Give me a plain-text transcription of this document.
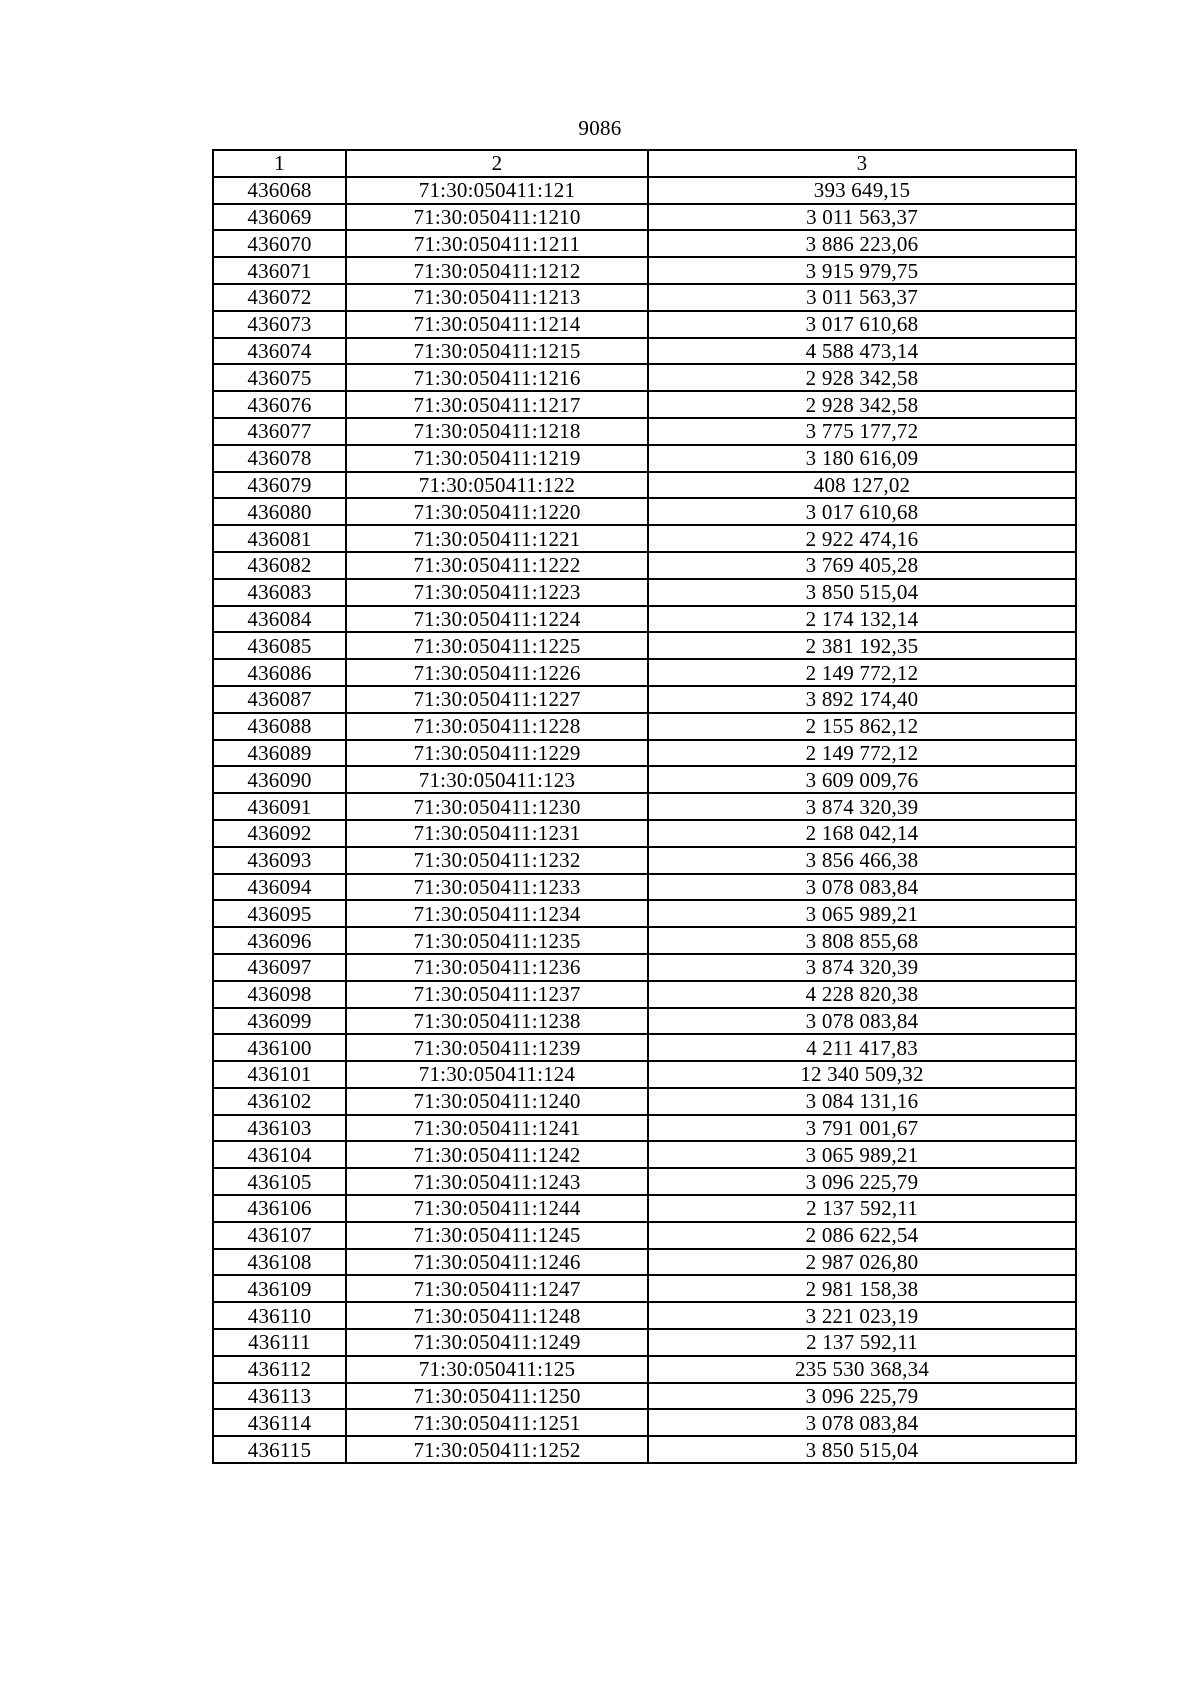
9086
1	2	3
436068	71:30:050411:121	393 649,15
436069	71:30:050411:1210	3 011 563,37
436070	71:30:050411:1211	3 886 223,06
436071	71:30:050411:1212	3 915 979,75
436072	71:30:050411:1213	3 011 563,37
436073	71:30:050411:1214	3 017 610,68
436074	71:30:050411:1215	4 588 473,14
436075	71:30:050411:1216	2 928 342,58
436076	71:30:050411:1217	2 928 342,58
436077	71:30:050411:1218	3 775 177,72
436078	71:30:050411:1219	3 180 616,09
436079	71:30:050411:122	408 127,02
436080	71:30:050411:1220	3 017 610,68
436081	71:30:050411:1221	2 922 474,16
436082	71:30:050411:1222	3 769 405,28
436083	71:30:050411:1223	3 850 515,04
436084	71:30:050411:1224	2 174 132,14
436085	71:30:050411:1225	2 381 192,35
436086	71:30:050411:1226	2 149 772,12
436087	71:30:050411:1227	3 892 174,40
436088	71:30:050411:1228	2 155 862,12
436089	71:30:050411:1229	2 149 772,12
436090	71:30:050411:123	3 609 009,76
436091	71:30:050411:1230	3 874 320,39
436092	71:30:050411:1231	2 168 042,14
436093	71:30:050411:1232	3 856 466,38
436094	71:30:050411:1233	3 078 083,84
436095	71:30:050411:1234	3 065 989,21
436096	71:30:050411:1235	3 808 855,68
436097	71:30:050411:1236	3 874 320,39
436098	71:30:050411:1237	4 228 820,38
436099	71:30:050411:1238	3 078 083,84
436100	71:30:050411:1239	4 211 417,83
436101	71:30:050411:124	12 340 509,32
436102	71:30:050411:1240	3 084 131,16
436103	71:30:050411:1241	3 791 001,67
436104	71:30:050411:1242	3 065 989,21
436105	71:30:050411:1243	3 096 225,79
436106	71:30:050411:1244	2 137 592,11
436107	71:30:050411:1245	2 086 622,54
436108	71:30:050411:1246	2 987 026,80
436109	71:30:050411:1247	2 981 158,38
436110	71:30:050411:1248	3 221 023,19
436111	71:30:050411:1249	2 137 592,11
436112	71:30:050411:125	235 530 368,34
436113	71:30:050411:1250	3 096 225,79
436114	71:30:050411:1251	3 078 083,84
436115	71:30:050411:1252	3 850 515,04
